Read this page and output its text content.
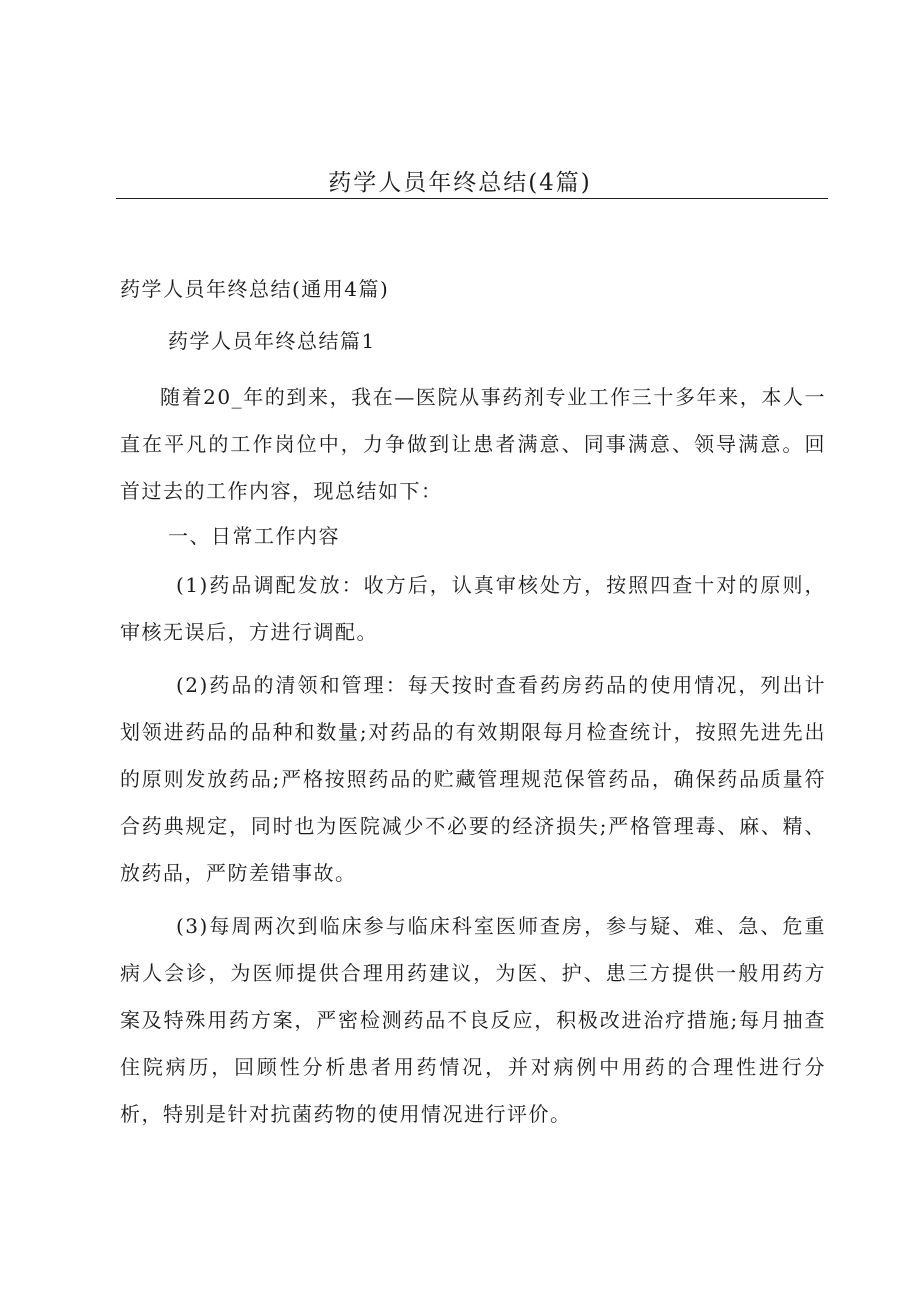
药学人员年终总结(4篇)

药学人员年终总结(通用4篇)

药学人员年终总结篇1

随着20_年的到来，我在—医院从事药剂专业工作三十多年来，本人一直在平凡的工作岗位中，力争做到让患者满意、同事满意、领导满意。回首过去的工作内容，现总结如下：

一、日常工作内容

(1)药品调配发放：收方后，认真审核处方，按照四查十对的原则，审核无误后，方进行调配。

(2)药品的清领和管理：每天按时查看药房药品的使用情况，列出计划领进药品的品种和数量;对药品的有效期限每月检查统计，按照先进先出的原则发放药品;严格按照药品的贮藏管理规范保管药品，确保药品质量符合药典规定，同时也为医院减少不必要的经济损失;严格管理毒、麻、精、放药品，严防差错事故。

(3)每周两次到临床参与临床科室医师查房，参与疑、难、急、危重病人会诊，为医师提供合理用药建议，为医、护、患三方提供一般用药方案及特殊用药方案，严密检测药品不良反应，积极改进治疗措施;每月抽查住院病历，回顾性分析患者用药情况，并对病例中用药的合理性进行分析，特别是针对抗菌药物的使用情况进行评价。
